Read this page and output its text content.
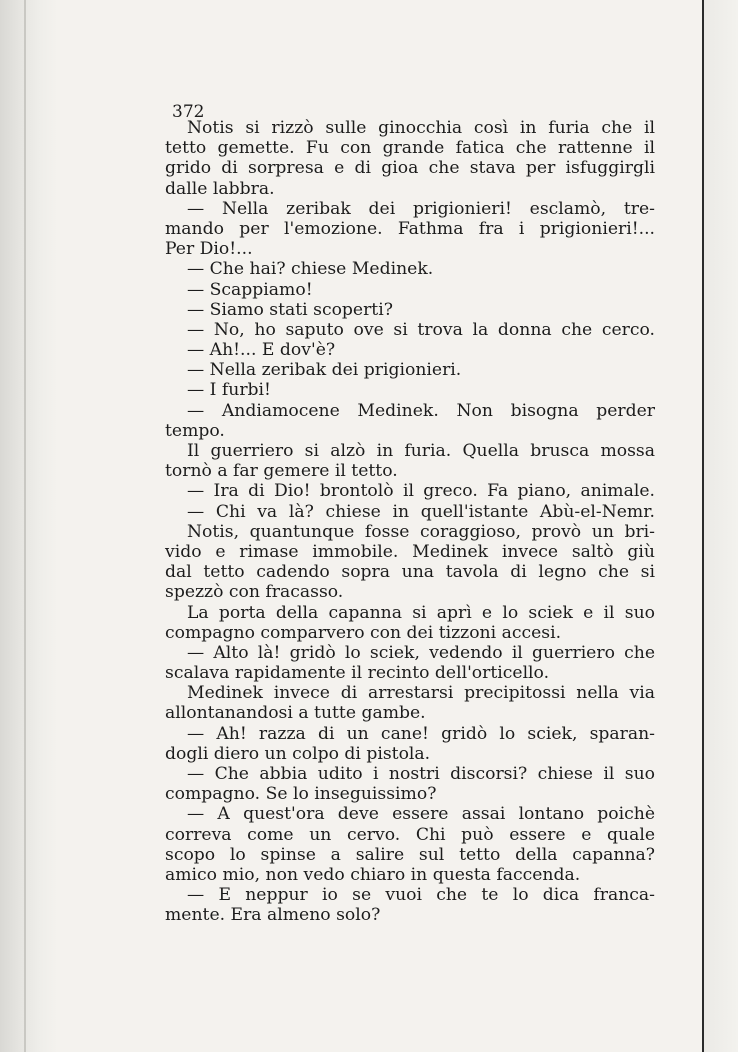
372

Notis si rizzò sulle ginocchia così in furia che il
tetto gemette. Fu con grande fatica che rattenne il
grido di sorpresa e di gioa che stava per isfuggirgli
dalle labbra.
— Nella zeribak dei prigionieri! esclamò, tre-
mando per l'emozione. Fathma fra i prigionieri!...
Per Dio!...
— Che hai? chiese Medinek.
— Scappiamo!
— Siamo stati scoperti?
— No, ho saputo ove si trova la donna che cerco.
— Ah!... E dov'è?
— Nella zeribak dei prigionieri.
— I furbi!
— Andiamocene Medinek. Non bisogna perder
tempo.
Il guerriero si alzò in furia. Quella brusca mossa
tornò a far gemere il tetto.
— Ira di Dio! brontolò il greco. Fa piano, animale.
— Chi va là? chiese in quell'istante Abù-el-Nemr.
Notis, quantunque fosse coraggioso, provò un bri-
vido e rimase immobile. Medinek invece saltò giù
dal tetto cadendo sopra una tavola di legno che si
spezzò con fracasso.
La porta della capanna si aprì e lo sciek e il suo
compagno comparvero con dei tizzoni accesi.
— Alto là! gridò lo sciek, vedendo il guerriero che
scalava rapidamente il recinto dell'orticello.
Medinek invece di arrestarsi precipitossi nella via
allontanandosi a tutte gambe.
— Ah! razza di un cane! gridò lo sciek, sparan-
dogli diero un colpo di pistola.
— Che abbia udito i nostri discorsi? chiese il suo
compagno. Se lo inseguissimo?
— A quest'ora deve essere assai lontano poichè
correva come un cervo. Chi può essere e quale
scopo lo spinse a salire sul tetto della capanna?
amico mio, non vedo chiaro in questa faccenda.
— E neppur io se vuoi che te lo dica franca-
mente. Era almeno solo?
